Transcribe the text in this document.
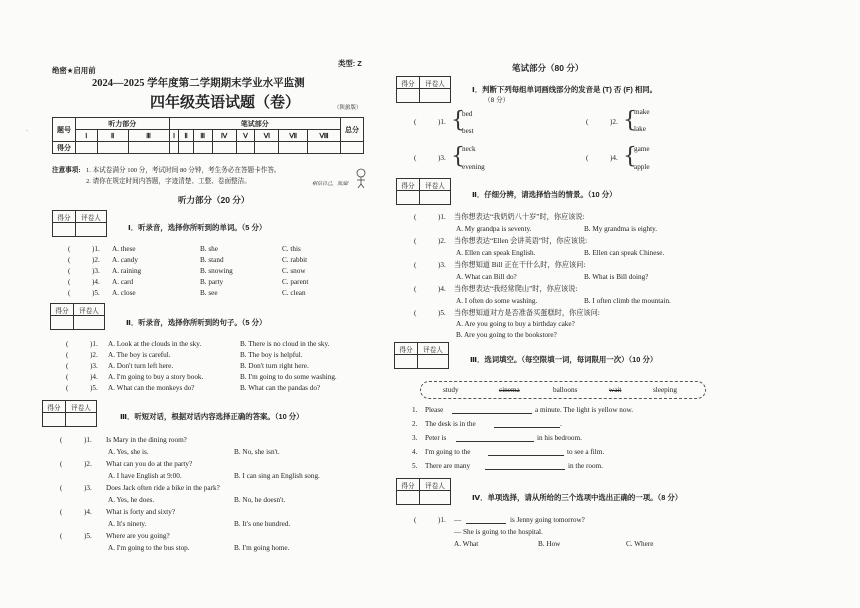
·
绝密★启用前
类型: Z
2024—2025 学年度第二学期期末学业水平监测
四年级英语试题（卷）	（陕旅版）
题号	听力部分			笔试部分								总分
	Ⅰ	Ⅱ	Ⅲ	Ⅰ	Ⅱ	Ⅲ	Ⅳ	Ⅴ	Ⅵ	Ⅶ	Ⅷ	
得分												
注意事项: 1. 本试卷满分 100 分，考试时间 80 分钟，考生务必在答题卡作答。
2. 请你在规定时间内答题，字迹清楚、工整、卷面整洁。	相信自己，加油!
听力部分（20 分）
得分	评卷人

Ⅰ．听录音，选择你所听到的单词。（5 分）
(	)1. A. these	B. she	C. this
(	)2. A. candy	B. stand	C. rabbit
(	)3. A. raining	B. snowing	C. snow
(	)4. A. card	B. party	C. parent
(	)5. A. close	B. see	C. clean
得分	评卷人

Ⅱ．听录音，选择你所听到的句子。（5 分）
(	)1. A. Look at the clouds in the sky.	B. There is no cloud in the sky.
(	)2. A. The boy is careful.	B. The boy is helpful.
(	)3. A. Don't turn left here.	B. Don't turn right here.
(	)4. A. I'm going to buy a story book.	B. I'm going to do some washing.
(	)5. A. What can the monkeys do?	B. What can the pandas do?
得分	评卷人

Ⅲ．听短对话，根据对话内容选择正确的答案。（10 分）
(	)1. Is Mary in the dining room?
A. Yes, she is.	B. No, she isn't.
(	)2. What can you do at the party?
A. I have English at 9:00.	B. I can sing an English song.
(	)3. Does Jack often ride a bike in the park?
A. Yes, he does.	B. No, he doesn't.
(	)4. What is forty and sixty?
A. It's ninety.	B. It's one hundred.
(	)5. Where are you going?
A. I'm going to the bus stop.	B. I'm going home.
笔试部分（80 分）
得分	评卷人

Ⅰ．判断下列每组单词画线部分的发音是 (T) 否 (F) 相同。
（8 分）
(	)1. {
bed
best
(	)2. {
make
lake
(	)3. {
neck
evening
(	)4. {
game
apple
得分	评卷人

Ⅱ．仔细分辨，请选择恰当的情景。（10 分）
(	)1. 当你想表达“我奶奶八十岁”时，你应该说:
A. My grandpa is seventy.	B. My grandma is eighty.
(	)2. 当你想表达“Ellen 会讲英语”时，你应该说:
A. Ellen can speak English.	B. Ellen can speak Chinese.
(	)3. 当你想知道 Bill 正在干什么时，你应该问:
A. What can Bill do?	B. What is Bill doing?
(	)4. 当你想表达“我经常爬山”时，你应该说:
A. I often do some washing.	B. I often climb the mountain.
(	)5. 当你想知道对方是否准备买蛋糕时，你应该问:
A. Are you going to buy a birthday cake?
B. Are you going to the bookstore?
得分	评卷人

Ⅲ．选词填空。（每空限填一词，每词限用一次）（10 分）
study	cinema	balloons	wait	sleeping
1. Please	a minute. The light is yellow now.
2. The desk is in the	.
3. Peter is	in his bedroom.
4. I'm going to the	to see a film.
5. There are many	in the room.
得分	评卷人

Ⅳ．单项选择，请从所给的三个选项中选出正确的一项。（8 分）
(	)1. —	is Jenny going tomorrow?
— She is going to the hospital.
A. What	B. How	C. Where
